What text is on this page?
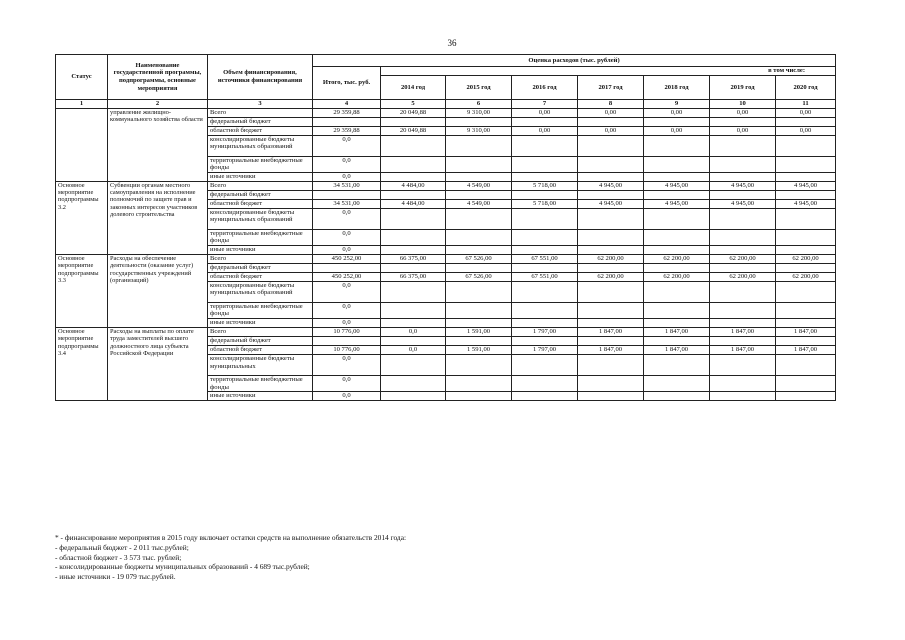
36
Статус	Наименование государственной программы, подпрограммы, основные мероприятия	Объем финансирования, источники финансирования	Оценка расходов (тыс. рублей)							
			Итого, тыс. руб.	в том числе:						
				2014 год	2015 год	2016 год	2017 год	2018 год	2019 год	2020 год
1	2	3	4	5	6	7	8	9	10	11
	управление жилищно-коммунального хозяйства области	Всего	29 359,88	20 049,88	9 310,00	0,00	0,00	0,00	0,00	0,00
		федеральный бюджет								
		областной бюджет	29 359,88	20 049,88	9 310,00	0,00	0,00	0,00	0,00	0,00
		консолидированные бюджеты муниципальных образований	0,0							
		территориальные внебюджетные фонды	0,0							
		иные источники	0,0							
Основное мероприятие подпрограммы 3.2	Субвенции органам местного самоуправления на исполнение полномочий по защите прав и законных интересов участников долевого строительства	Всего	34 531,00	4 484,00	4 549,00	5 718,00	4 945,00	4 945,00	4 945,00	4 945,00
		федеральный бюджет								
		областной бюджет	34 531,00	4 484,00	4 549,00	5 718,00	4 945,00	4 945,00	4 945,00	4 945,00
		консолидированные бюджеты муниципальных образований	0,0							
		территориальные внебюджетные фонды	0,0							
		иные источники	0,0							
Основное мероприятие подпрограммы 3.3	Расходы на обеспечение деятельности (оказание услуг) государственных учреждений (организаций)	Всего	450 252,00	66 375,00	67 526,00	67 551,00	62 200,00	62 200,00	62 200,00	62 200,00
		федеральный бюджет								
		областной бюджет	450 252,00	66 375,00	67 526,00	67 551,00	62 200,00	62 200,00	62 200,00	62 200,00
		консолидированные бюджеты муниципальных образований	0,0							
		территориальные внебюджетные фонды	0,0							
		иные источники	0,0							
Основное мероприятие подпрограммы 3.4	Расходы на выплаты по оплате труда заместителей высшего должностного лица субъекта Российской Федерации	Всего	10 776,00	0,0	1 591,00	1 797,00	1 847,00	1 847,00	1 847,00	1 847,00
		федеральный бюджет								
		областной бюджет	10 776,00	0,0	1 591,00	1 797,00	1 847,00	1 847,00	1 847,00	1 847,00
		консолидированные бюджеты муниципальных	0,0							
		территориальные внебюджетные фонды	0,0							
		иные источники	0,0							
* - финансирование мероприятия в 2015 году включает остатки средств на выполнение обязательств 2014 года:
- федеральный бюджет - 2 011 тыс.рублей;
- областной бюджет - 3 573 тыс. рублей;
- консолидированные бюджеты муниципальных образований - 4 689 тыс.рублей;
- иные источники - 19 079 тыс.рублей.
